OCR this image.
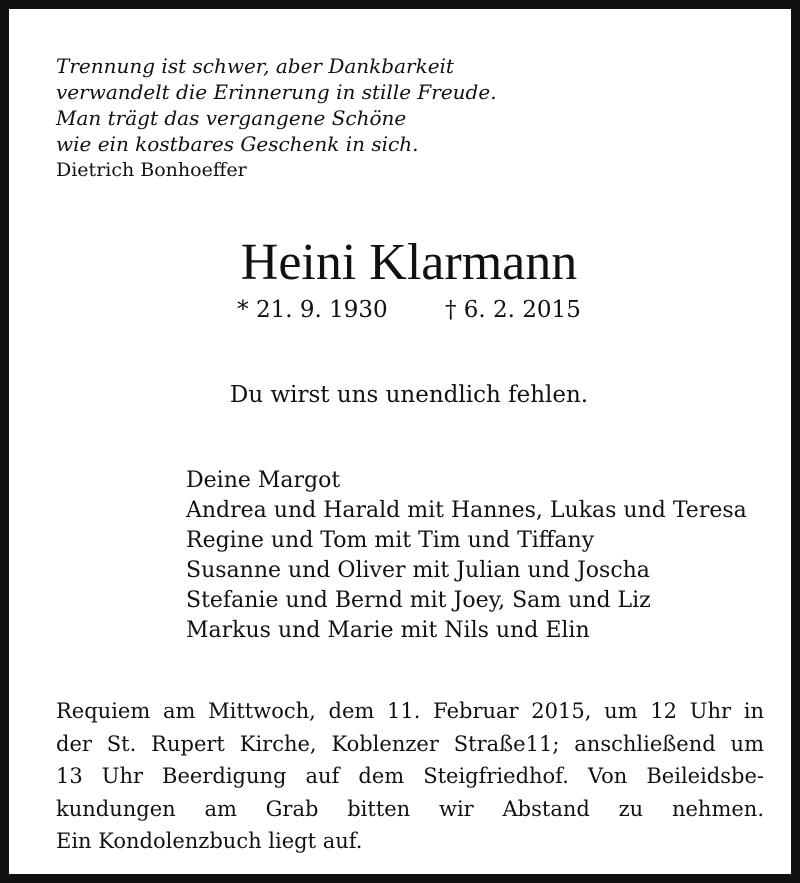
Trennung ist schwer, aber Dankbarkeit
verwandelt die Erinnerung in stille Freude.
Man trägt das vergangene Schöne
wie ein kostbares Geschenk in sich.
Dietrich Bonhoeffer
Heini Klarmann
* 21. 9. 1930 † 6. 2. 2015
Du wirst uns unendlich fehlen.
Deine Margot
Andrea und Harald mit Hannes, Lukas und Teresa
Regine und Tom mit Tim und Tiffany
Susanne und Oliver mit Julian und Joscha
Stefanie und Bernd mit Joey, Sam und Liz
Markus und Marie mit Nils und Elin
Requiem am Mittwoch, dem 11. Februar 2015, um 12 Uhr in
der St. Rupert Kirche, Koblenzer Straße11; anschließend um
13 Uhr Beerdigung auf dem Steigfriedhof. Von Beileidsbe-
kundungen am Grab bitten wir Abstand zu nehmen.
Ein Kondolenzbuch liegt auf.
